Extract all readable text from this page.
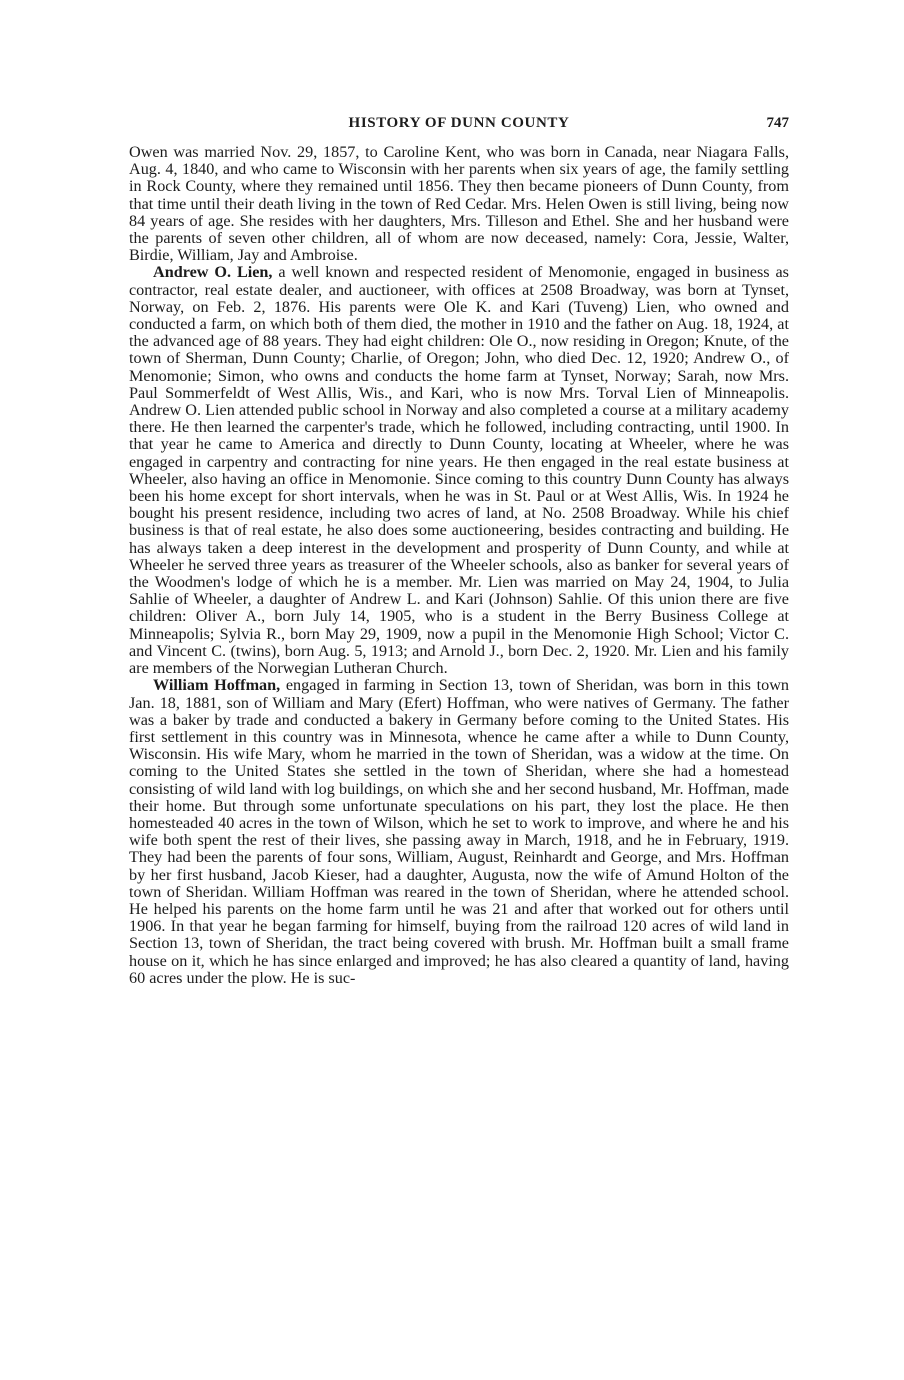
HISTORY OF DUNN COUNTY	747

Owen was married Nov. 29, 1857, to Caroline Kent, who was born in Canada, near Niagara Falls, Aug. 4, 1840, and who came to Wisconsin with her parents when six years of age, the family settling in Rock County, where they remained until 1856. They then became pioneers of Dunn County, from that time until their death living in the town of Red Cedar. Mrs. Helen Owen is still living, being now 84 years of age. She resides with her daughters, Mrs. Tilleson and Ethel. She and her husband were the parents of seven other children, all of whom are now deceased, namely: Cora, Jessie, Walter, Birdie, William, Jay and Ambroise.

Andrew O. Lien, a well known and respected resident of Menomonie, engaged in business as contractor, real estate dealer, and auctioneer, with offices at 2508 Broadway, was born at Tynset, Norway, on Feb. 2, 1876. His parents were Ole K. and Kari (Tuveng) Lien, who owned and conducted a farm, on which both of them died, the mother in 1910 and the father on Aug. 18, 1924, at the advanced age of 88 years. They had eight children: Ole O., now residing in Oregon; Knute, of the town of Sherman, Dunn County; Charlie, of Oregon; John, who died Dec. 12, 1920; Andrew O., of Menomonie; Simon, who owns and conducts the home farm at Tynset, Norway; Sarah, now Mrs. Paul Sommerfeldt of West Allis, Wis., and Kari, who is now Mrs. Torval Lien of Minneapolis. Andrew O. Lien attended public school in Norway and also completed a course at a military academy there. He then learned the carpenter's trade, which he followed, including contracting, until 1900. In that year he came to America and directly to Dunn County, locating at Wheeler, where he was engaged in carpentry and contracting for nine years. He then engaged in the real estate business at Wheeler, also having an office in Menomonie. Since coming to this country Dunn County has always been his home except for short intervals, when he was in St. Paul or at West Allis, Wis. In 1924 he bought his present residence, including two acres of land, at No. 2508 Broadway. While his chief business is that of real estate, he also does some auctioneering, besides contracting and building. He has always taken a deep interest in the development and prosperity of Dunn County, and while at Wheeler he served three years as treasurer of the Wheeler schools, also as banker for several years of the Woodmen's lodge of which he is a member. Mr. Lien was married on May 24, 1904, to Julia Sahlie of Wheeler, a daughter of Andrew L. and Kari (Johnson) Sahlie. Of this union there are five children: Oliver A., born July 14, 1905, who is a student in the Berry Business College at Minneapolis; Sylvia R., born May 29, 1909, now a pupil in the Menomonie High School; Victor C. and Vincent C. (twins), born Aug. 5, 1913; and Arnold J., born Dec. 2, 1920. Mr. Lien and his family are members of the Norwegian Lutheran Church.

William Hoffman, engaged in farming in Section 13, town of Sheridan, was born in this town Jan. 18, 1881, son of William and Mary (Efert) Hoffman, who were natives of Germany. The father was a baker by trade and conducted a bakery in Germany before coming to the United States. His first settlement in this country was in Minnesota, whence he came after a while to Dunn County, Wisconsin. His wife Mary, whom he married in the town of Sheridan, was a widow at the time. On coming to the United States she settled in the town of Sheridan, where she had a homestead consisting of wild land with log buildings, on which she and her second husband, Mr. Hoffman, made their home. But through some unfortunate speculations on his part, they lost the place. He then homesteaded 40 acres in the town of Wilson, which he set to work to improve, and where he and his wife both spent the rest of their lives, she passing away in March, 1918, and he in February, 1919. They had been the parents of four sons, William, August, Reinhardt and George, and Mrs. Hoffman by her first husband, Jacob Kieser, had a daughter, Augusta, now the wife of Amund Holton of the town of Sheridan. William Hoffman was reared in the town of Sheridan, where he attended school. He helped his parents on the home farm until he was 21 and after that worked out for others until 1906. In that year he began farming for himself, buying from the railroad 120 acres of wild land in Section 13, town of Sheridan, the tract being covered with brush. Mr. Hoffman built a small frame house on it, which he has since enlarged and improved; he has also cleared a quantity of land, having 60 acres under the plow. He is suc-
